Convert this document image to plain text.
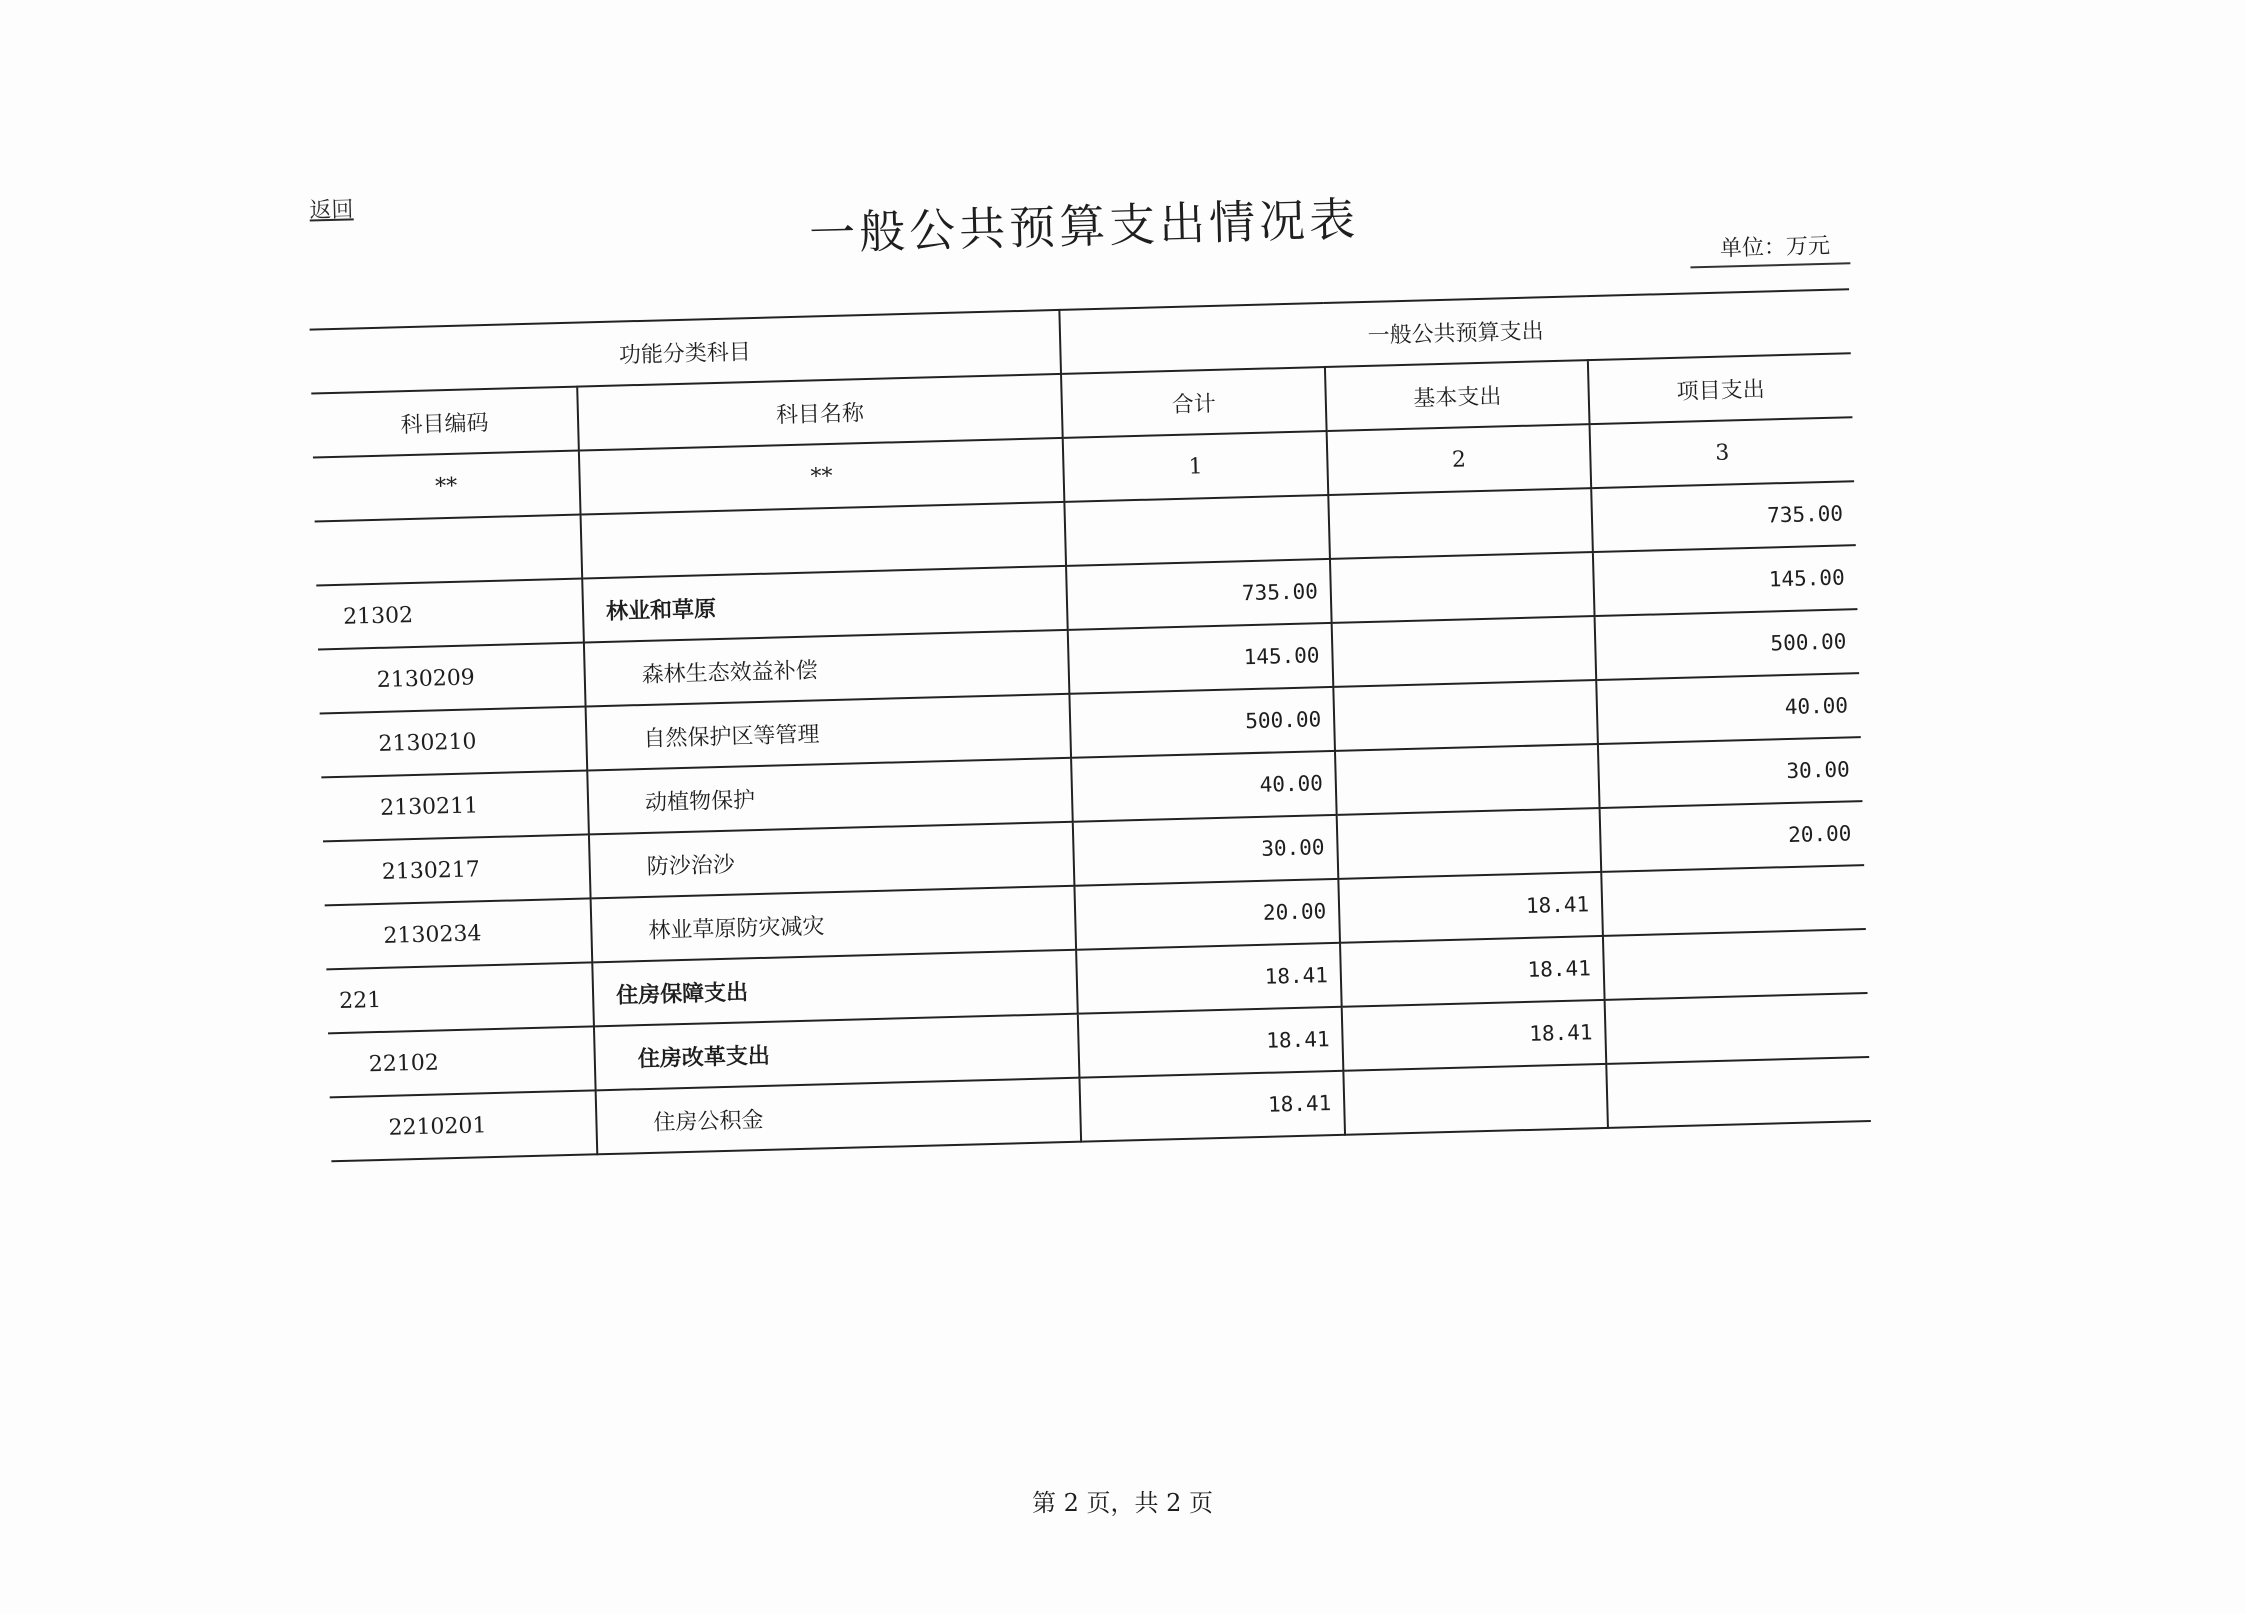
返回	一般公共预算支出情况表	单位：万元
功能分类科目		一般公共预算支出		
科目编码	科目名称	合计	基本支出	项目支出
**	**	1	2	3
				735.00
21302	林业和草原	735.00		145.00
2130209	森林生态效益补偿	145.00		500.00
2130210	自然保护区等管理	500.00		40.00
2130211	动植物保护	40.00		30.00
2130217	防沙治沙	30.00		20.00
2130234	林业草原防灾减灾	20.00	18.41	
221	住房保障支出	18.41	18.41	
22102	住房改革支出	18.41	18.41	
2210201	住房公积金	18.41		
第 2 页，共 2 页
